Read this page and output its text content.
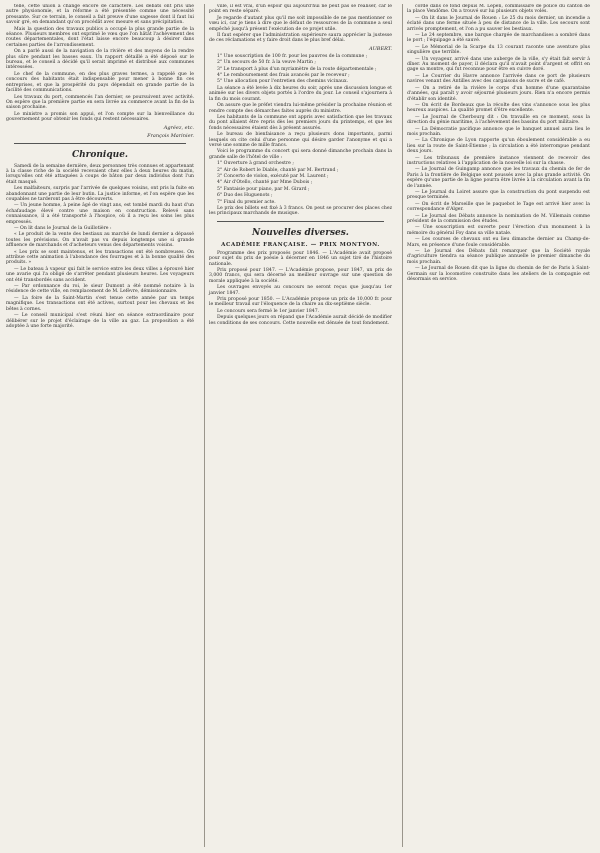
telle, cette union a changé encore de caractère. Les débats ont pris une autre physionomie, et la réforme a été présentée comme une nécessité pressante. Sur ce terrain, le conseil a fait preuve d'une sagesse dont il faut lui savoir gré, en demandant qu'on procédât avec mesure et sans précipitation.

Mais la question des travaux publics a occupé la plus grande partie de la séance. Plusieurs membres ont exprimé le vœu que l'on hâtât l'achèvement des routes départementales, dont l'état laisse encore beaucoup à désirer dans certaines parties de l'arrondissement.

On a parlé aussi de la navigation de la rivière et des moyens de la rendre plus sûre pendant les basses eaux. Un rapport détaillé a été déposé sur le bureau, et le conseil a décidé qu'il serait imprimé et distribué aux communes intéressées.

Le chef de la commune, en des plus graves termes, a rappelé que le concours des habitants était indispensable pour mener à bonne fin ces entreprises, et que la prospérité du pays dépendait en grande partie de la facilité des communications.

Les travaux du port, commencés l'an dernier, se poursuivent avec activité. On espère que la première partie en sera livrée au commerce avant la fin de la saison prochaine.

Le ministre a promis son appui, et l'on compte sur la bienveillance du gouvernement pour obtenir les fonds qui restent nécessaires.

Agréez, etc.
François Marinier.
Chronique.

Samedi de la semaine dernière, deux personnes très connues et appartenant à la classe riche de la société recevaient chez elles à deux heures du matin, lorsqu'elles ont été attaquées à coups de bâton par deux individus dont l'un était masqué.

Les malfaiteurs, surpris par l'arrivée de quelques voisins, ont pris la fuite en abandonnant une partie de leur butin. La justice informe, et l'on espère que les coupables ne tarderont pas à être découverts.

— Un jeune homme, à peine âgé de vingt ans, est tombé mardi du haut d'un échafaudage élevé contre une maison en construction. Relevé sans connaissance, il a été transporté à l'hospice, où il a reçu les soins les plus empressés.

— On lit dans le Journal de la Guillotière :

« Le produit de la vente des bestiaux au marché de lundi dernier a dépassé toutes les prévisions. On n'avait pas vu depuis longtemps une si grande affluence de marchands et d'acheteurs venus des départements voisins.

« Les prix se sont maintenus, et les transactions ont été nombreuses. On attribue cette animation à l'abondance des fourrages et à la bonne qualité des produits. »

— Le bateau à vapeur qui fait le service entre les deux villes a éprouvé hier une avarie qui l'a obligé de s'arrêter pendant plusieurs heures. Les voyageurs ont été transbordés sans accident.

— Par ordonnance du roi, le sieur Dumont a été nommé notaire à la résidence de cette ville, en remplacement de M. Lefèvre, démissionnaire.

— La foire de la Saint-Martin s'est tenue cette année par un temps magnifique. Les transactions ont été actives, surtout pour les chevaux et les bêtes à cornes.

— Le conseil municipal s'est réuni hier en séance extraordinaire pour délibérer sur le projet d'éclairage de la ville au gaz. La proposition a été adoptée à une forte majorité.

ville, il est vrai, d'un espoir qui aujourd'hui ne peut pas se réaliser, car le point en reste séparé.

Je regarde d'autant plus qu'il me soit impossible de ne pas mentionner ce vœu ici, car je tiens à dire que le défaut de ressources de la commune a seul empêché jusqu'à présent l'exécution de ce projet utile.

Il faut espérer que l'administration supérieure saura apprécier la justesse de ces réclamations et y faire droit dans le plus bref délai.

AUBERT.

1° Une souscription de 100 fr. pour les pauvres de la commune ;

2° Un secours de 50 fr. à la veuve Martin ;

3° Le transport à plus d'un myriamètre de la route départementale ;

4° Le remboursement des frais avancés par le receveur ;

5° Une allocation pour l'entretien des chemins vicinaux.

La séance a été levée à dix heures du soir, après une discussion longue et animée sur les divers objets portés à l'ordre du jour. Le conseil s'ajournera à la fin du mois courant.

On assure que le préfet viendra lui-même présider la prochaine réunion et rendre compte des démarches faites auprès du ministre.

Les habitants de la commune ont appris avec satisfaction que les travaux du pont allaient être repris dès les premiers jours du printemps, et que les fonds nécessaires étaient dès à présent assurés.

Le bureau de bienfaisance a reçu plusieurs dons importants, parmi lesquels on cite celui d'une personne qui désire garder l'anonyme et qui a versé une somme de mille francs.

Voici le programme du concert qui sera donné dimanche prochain dans la grande salle de l'hôtel de ville :

1° Ouverture à grand orchestre ;

2° Air de Robert le Diable, chanté par M. Bertrand ;

3° Concerto de violon, exécuté par M. Laurent ;

4° Air d'Otello, chanté par Mme Dubois ;

5° Fantaisie pour piano, par M. Girard ;

6° Duo des Huguenots ;

7° Final du premier acte.

Le prix des billets est fixé à 3 francs. On peut se procurer des places chez les principaux marchands de musique.

Nouvelles diverses.
ACADÉMIE FRANÇAISE. — PRIX MONTYON.

Programme des prix proposés pour 1846. — L'Académie avait proposé pour sujet du prix de poésie à décerner en 1846 un sujet tiré de l'histoire nationale.

Prix proposé pour 1847. — L'Académie propose, pour 1847, un prix de 3,000 francs, qui sera décerné au meilleur ouvrage sur une question de morale appliquée à la société.

Les ouvrages envoyés au concours ne seront reçus que jusqu'au 1er janvier 1847.

Prix proposé pour 1850. — L'Académie propose un prix de 10,000 fr. pour le meilleur travail sur l'éloquence de la chaire au dix-septième siècle.

Le concours sera fermé le 1er janvier 1847.

Depuis quelques jours on répand que l'Académie aurait décidé de modifier les conditions de ses concours. Cette nouvelle est dénuée de tout fondement.

cordé dans ce fond depuis M. Lepen, commissaire de police du canton de la place Vendôme. On a trouvé sur lui plusieurs objets volés.

— On lit dans le Journal de Rouen : Le 25 du mois dernier, un incendie a éclaté dans une ferme située à peu de distance de la ville. Les secours sont arrivés promptement, et l'on a pu sauver les bestiaux.

— Le 24 septembre, une barque chargée de marchandises a sombré dans le port ; l'équipage a été sauvé.

— Le Mémorial de la Scarpe du 13 courant raconte une aventure plus singulière que terrible.

— Un voyageur, arrivé dans une auberge de la ville, s'y était fait servir à dîner. Au moment de payer, il déclara qu'il n'avait point d'argent et offrit en gage sa montre, qui fut reconnue pour être en cuivre doré.

— Le Courrier du Havre annonce l'arrivée dans ce port de plusieurs navires venant des Antilles avec des cargaisons de sucre et de café.

— On a retiré de la rivière le corps d'un homme d'une quarantaine d'années, qui paraît y avoir séjourné plusieurs jours. Rien n'a encore permis d'établir son identité.

— On écrit de Bordeaux que la récolte des vins s'annonce sous les plus heureux auspices. La qualité promet d'être excellente.

— Le Journal de Cherbourg dit : On travaille en ce moment, sous la direction du génie maritime, à l'achèvement des bassins du port militaire.

— La Démocratie pacifique annonce que le banquet annuel aura lieu le mois prochain.

— La Chronique de Lyon rapporte qu'un éboulement considérable a eu lieu sur la route de Saint-Étienne ; la circulation a été interrompue pendant deux jours.

— Les tribunaux de première instance viennent de recevoir des instructions relatives à l'application de la nouvelle loi sur la chasse.

— Le Journal de Guingamp annonce que les travaux du chemin de fer de Paris à la frontière de Belgique sont poussés avec la plus grande activité. On espère qu'une partie de la ligne pourra être livrée à la circulation avant la fin de l'année.

— Le Journal du Loiret assure que la construction du pont suspendu est presque terminée.

— On écrit de Marseille que le paquebot le Tage est arrivé hier avec la correspondance d'Alger.

— Le Journal des Débats annonce la nomination de M. Villemain comme président de la commission des études.

— Une souscription est ouverte pour l'érection d'un monument à la mémoire du général Foy dans sa ville natale.

— Les courses de chevaux ont eu lieu dimanche dernier au Champ-de-Mars, en présence d'une foule considérable.

— Le Journal des Débats fait remarquer que la Société royale d'agriculture tiendra sa séance publique annuelle le premier dimanche du mois prochain.

— Le Journal de Rouen dit que la ligne du chemin de fer de Paris à Saint-Germain sur la locomotive construite dans les ateliers de la compagnie est désormais en service.
